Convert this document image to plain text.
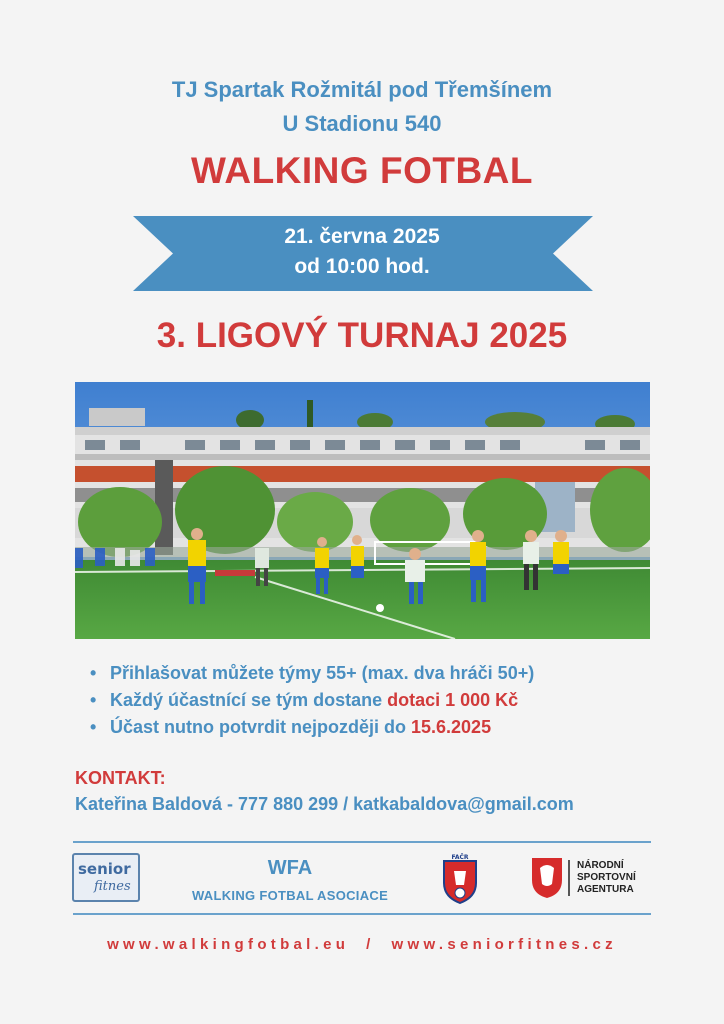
TJ Spartak Rožmitál pod Třemšínem
U Stadionu 540
WALKING FOTBAL
21. června 2025
od 10:00 hod.
3. LIGOVÝ TURNAJ 2025
• Přihlašovat můžete týmy 55+ (max. dva hráči 50+)
• Každý účastnící se tým dostane dotaci 1 000 Kč
• Účast nutno potvrdit nejpozději do 15.6.2025
KONTAKT:
Kateřina Baldová - 777 880 299 / katkabaldova@gmail.com
senior
fitnes
WFA
WALKING FOTBAL ASOCIACE
FAČR
NÁRODNÍ
SPORTOVNÍ
AGENTURA
www.walkingfotbal.eu  /  www.seniorfitnes.cz
